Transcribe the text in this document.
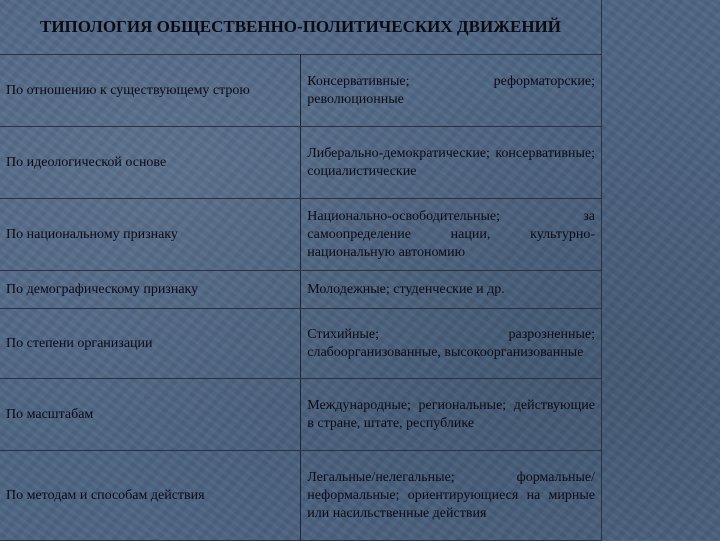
ТИПОЛОГИЯ ОБЩЕСТВЕННО-ПОЛИТИЧЕСКИХ ДВИЖЕНИЙ	
По отношению к существующему строю	Консервативные; реформаторские; революционные
По идеологической основе	Либерально-демократические; консервативные; социалистические
По национальному признаку	Национально-освободительные; за самоопределение нации, культурно-национальную автономию
По демографическому признаку	Молодежные; студенческие и др.
По степени организации	Стихийные; разрозненные; слабоорганизованные, высокоорганизованные
По масштабам	Международные; региональные; действующие в стране, штате, республике
По методам и способам действия	Легальные/нелегальные; формальные/неформальные; ориентирующиеся на мирные или насильственные действия
